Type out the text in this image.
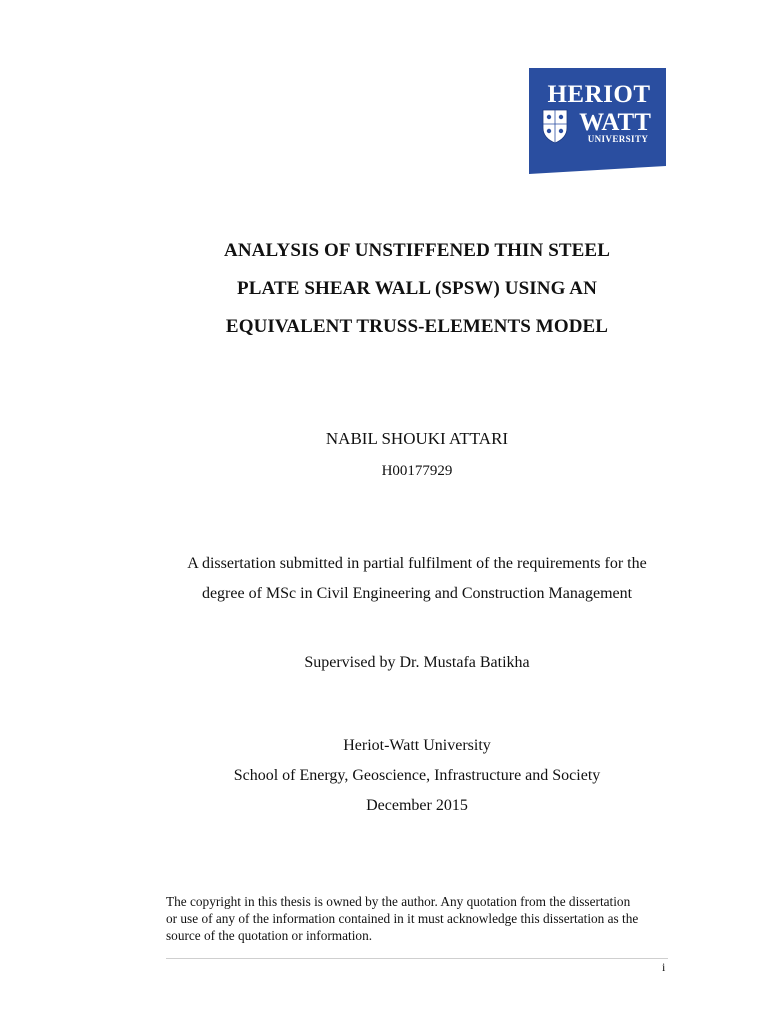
HERIOT
WATT
UNIVERSITY
ANALYSIS OF UNSTIFFENED THIN STEEL
PLATE SHEAR WALL (SPSW) USING AN
EQUIVALENT TRUSS-ELEMENTS MODEL
NABIL SHOUKI ATTARI
H00177929
A dissertation submitted in partial fulfilment of the requirements for the
degree of MSc in Civil Engineering and Construction Management
Supervised by Dr. Mustafa Batikha
Heriot-Watt University
School of Energy, Geoscience, Infrastructure and Society
December 2015
The copyright in this thesis is owned by the author. Any quotation from the dissertation
or use of any of the information contained in it must acknowledge this dissertation as the
source of the quotation or information.
i
